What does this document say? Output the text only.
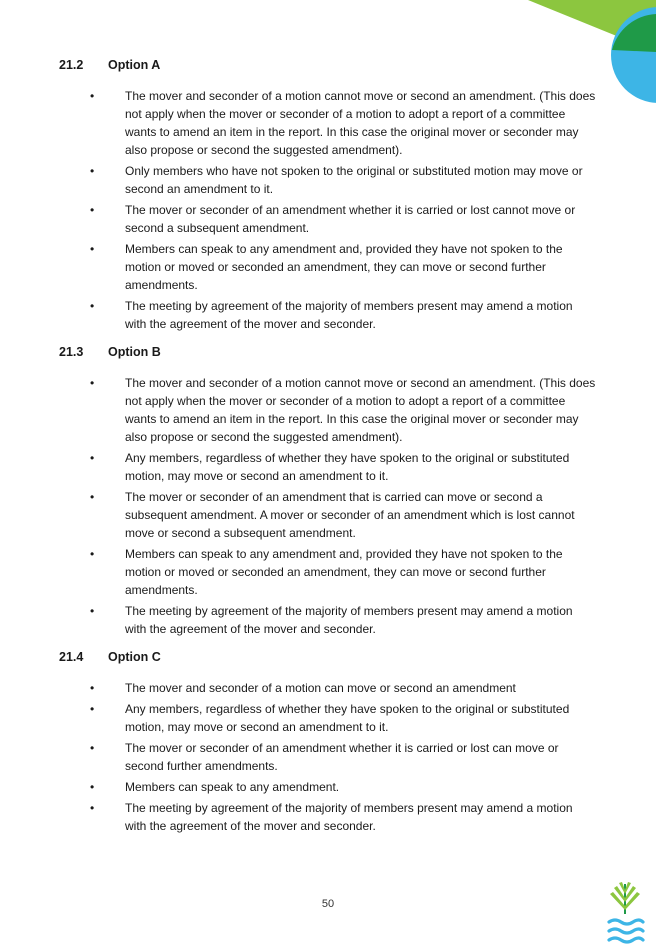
21.2 Option A
•	The mover and seconder of a motion cannot move or second an amendment. (This does not apply when the mover or seconder of a motion to adopt a report of a committee wants to amend an item in the report. In this case the original mover or seconder may also propose or second the suggested amendment).
•	Only members who have not spoken to the original or substituted motion may move or second an amendment to it.
•	The mover or seconder of an amendment whether it is carried or lost cannot move or second a subsequent amendment.
•	Members can speak to any amendment and, provided they have not spoken to the motion or moved or seconded an amendment, they can move or second further amendments.
•	The meeting by agreement of the majority of members present may amend a motion with the agreement of the mover and seconder.
21.3 Option B
•	The mover and seconder of a motion cannot move or second an amendment. (This does not apply when the mover or seconder of a motion to adopt a report of a committee wants to amend an item in the report. In this case the original mover or seconder may also propose or second the suggested amendment).
•	Any members, regardless of whether they have spoken to the original or substituted motion, may move or second an amendment to it.
•	The mover or seconder of an amendment that is carried can move or second a subsequent amendment. A mover or seconder of an amendment which is lost cannot move or second a subsequent amendment.
•	Members can speak to any amendment and, provided they have not spoken to the motion or moved or seconded an amendment, they can move or second further amendments.
•	The meeting by agreement of the majority of members present may amend a motion with the agreement of the mover and seconder.
21.4 Option C
•	The mover and seconder of a motion can move or second an amendment
•	Any members, regardless of whether they have spoken to the original or substituted motion, may move or second an amendment to it.
•	The mover or seconder of an amendment whether it is carried or lost can move or second further amendments.
•	Members can speak to any amendment.
•	The meeting by agreement of the majority of members present may amend a motion with the agreement of the mover and seconder.
50
